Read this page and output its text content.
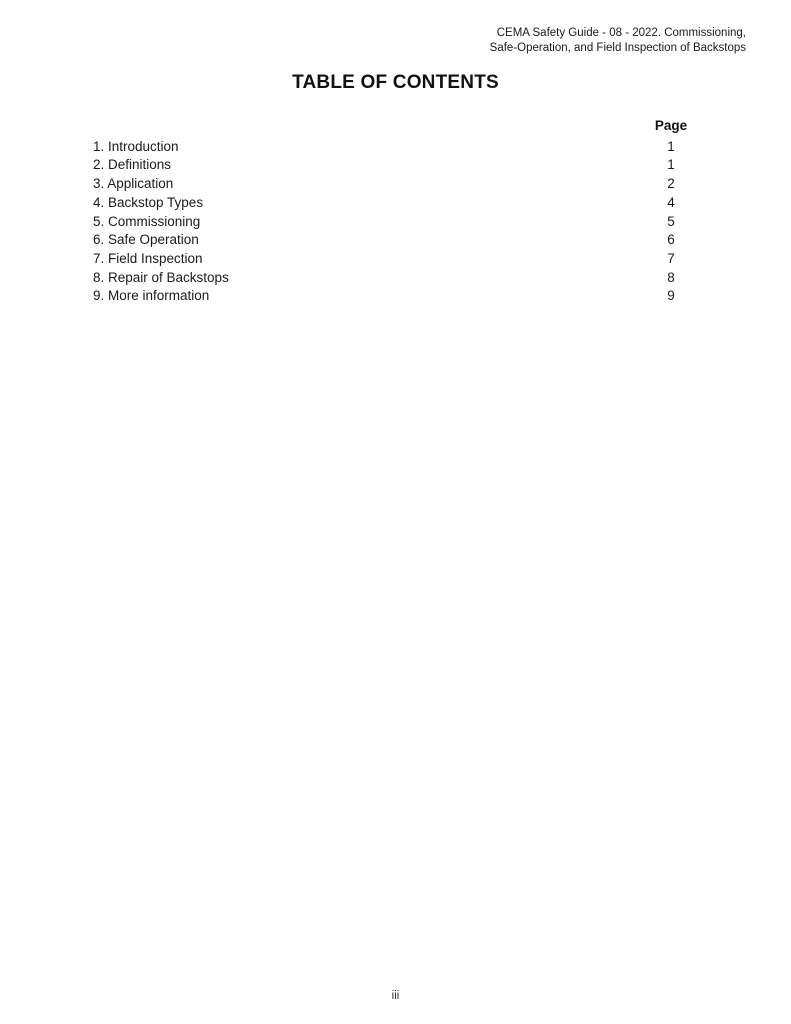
CEMA Safety Guide - 08 - 2022. Commissioning,
Safe-Operation, and Field Inspection of Backstops
TABLE OF CONTENTS
Page
1. Introduction	1
2. Definitions	1
3. Application	2
4. Backstop Types	4
5. Commissioning	5
6. Safe Operation	6
7. Field Inspection	7
8. Repair of Backstops	8
9. More information	9
iii
